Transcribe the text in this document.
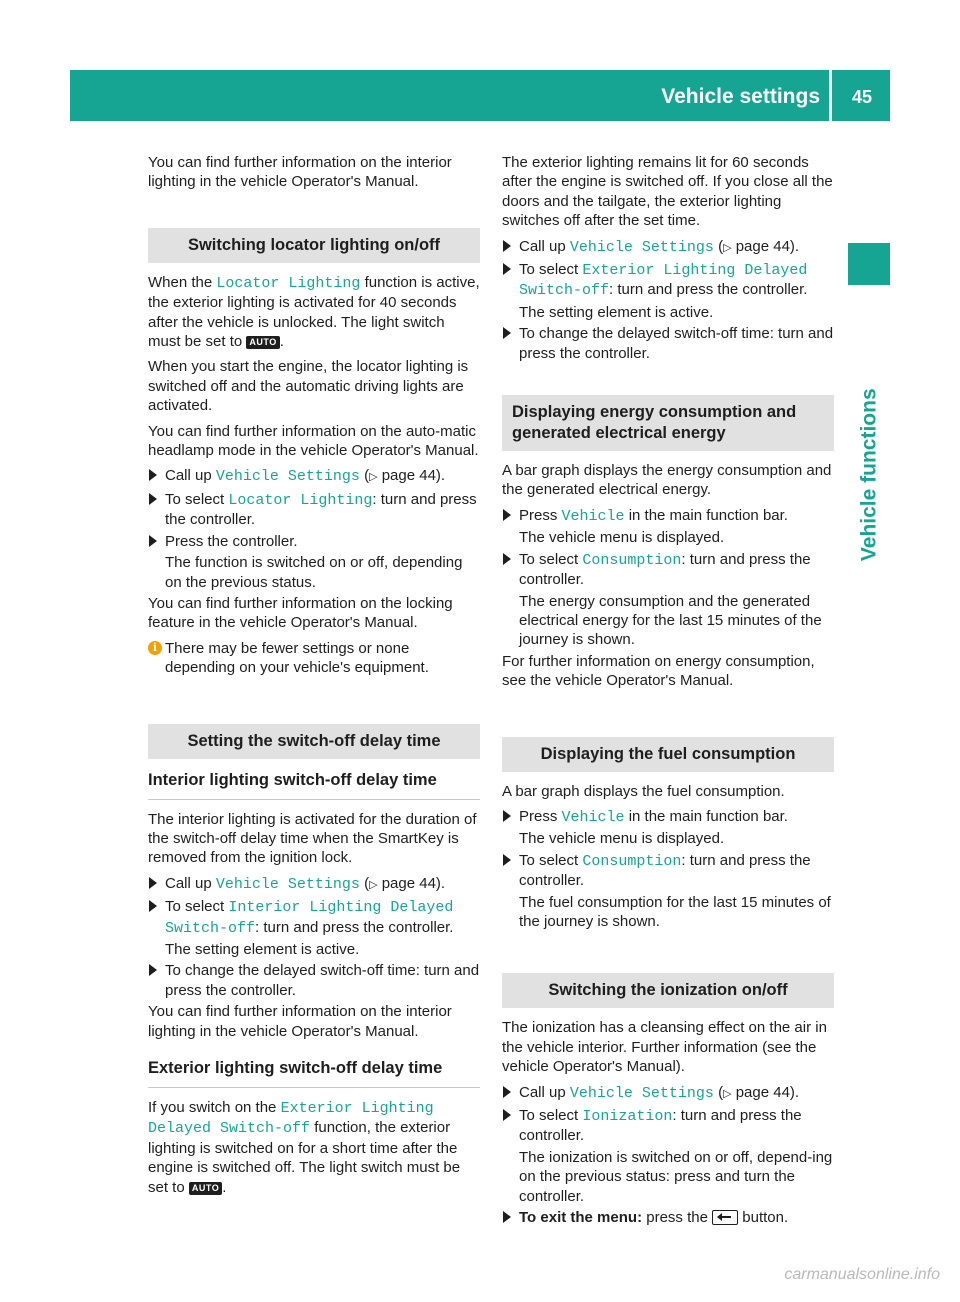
Vehicle settings 45
Vehicle functions

You can find further information on the interior lighting in the vehicle Operator's Manual.

Switching locator lighting on/off

When the Locator Lighting function is active, the exterior lighting is activated for 40 seconds after the vehicle is unlocked. The light switch must be set to AUTO .

When you start the engine, the locator lighting is switched off and the automatic driving lights are activated.

You can find further information on the auto-matic headlamp mode in the vehicle Operator's Manual.

Call up Vehicle Settings (▷ page 44).
To select Locator Lighting: turn and press the controller.
Press the controller.
The function is switched on or off, depending on the previous status.

You can find further information on the locking feature in the vehicle Operator's Manual.

i There may be fewer settings or none depending on your vehicle's equipment.
Setting the switch-off delay time
Interior lighting switch-off delay time

The interior lighting is activated for the duration of the switch-off delay time when the SmartKey is removed from the ignition lock.

Call up Vehicle Settings (▷ page 44).
To select Interior Lighting Delayed
Switch-off: turn and press the controller.
The setting element is active.
To change the delayed switch-off time: turn and press the controller.

You can find further information on the interior lighting in the vehicle Operator's Manual.

Exterior lighting switch-off delay time

If you switch on the Exterior Lighting
Delayed Switch-off function, the exterior lighting is switched on for a short time after the engine is switched off. The light switch must be set to AUTO .

The exterior lighting remains lit for 60 seconds after the engine is switched off. If you close all the doors and the tailgate, the exterior lighting switches off after the set time.

Call up Vehicle Settings (▷ page 44).
To select Exterior Lighting Delayed
Switch-off: turn and press the controller.
The setting element is active.
To change the delayed switch-off time: turn and press the controller.
Displaying energy consumption and
generated electrical energy

A bar graph displays the energy consumption and the generated electrical energy.

Press Vehicle in the main function bar.
The vehicle menu is displayed.
To select Consumption: turn and press the
controller.
The energy consumption and the generated electrical energy for the last 15 minutes of the journey is shown.

For further information on energy consumption, see the vehicle Operator's Manual.

Displaying the fuel consumption

A bar graph displays the fuel consumption.

Press Vehicle in the main function bar.
The vehicle menu is displayed.
To select Consumption: turn and press the
controller.
The fuel consumption for the last 15 minutes of the journey is shown.
Switching the ionization on/off

The ionization has a cleansing effect on the air in the vehicle interior. Further information (see the vehicle Operator's Manual).

Call up Vehicle Settings (▷ page 44).
To select Ionization: turn and press the
controller.
The ionization is switched on or off, depend-ing on the previous status: press and turn the controller.
To exit the menu: press the  button.
carmanualsonline.info
